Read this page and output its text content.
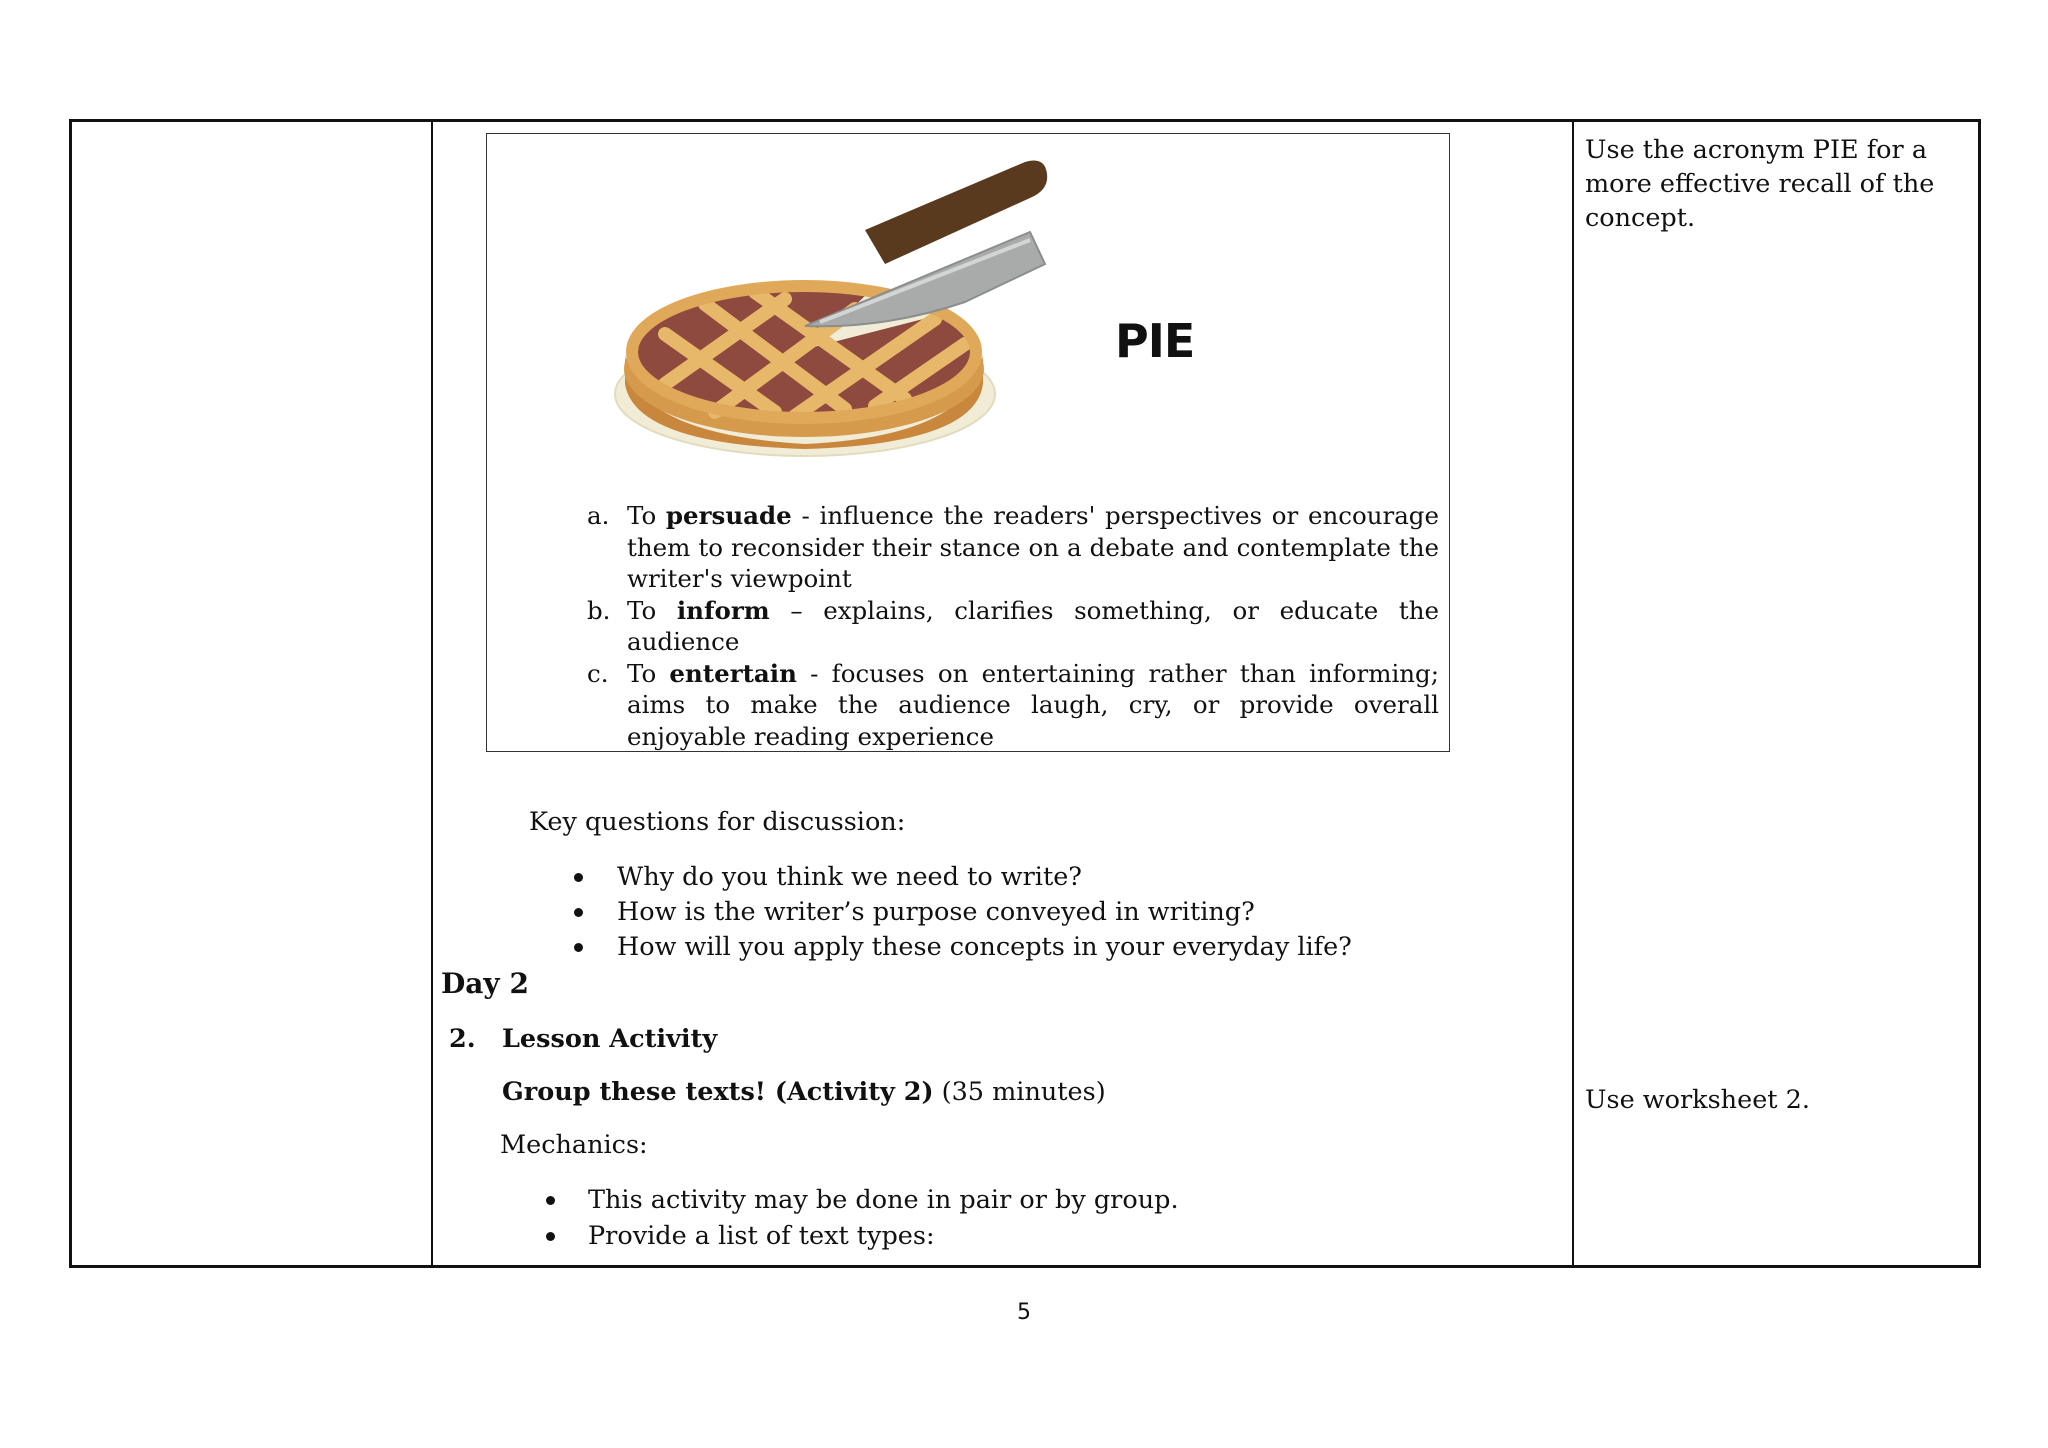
PIE
a. To persuade - influence the readers' perspectives or encourage them to reconsider their stance on a debate and contemplate the writer's viewpoint
b. To inform – explains, clarifies something, or educate the audience
c. To entertain - focuses on entertaining rather than informing; aims to make the audience laugh, cry, or provide overall enjoyable reading experience
Key questions for discussion:
Why do you think we need to write?
How is the writer’s purpose conveyed in writing?
How will you apply these concepts in your everyday life?
Day 2
2. Lesson Activity
Group these texts! (Activity 2) (35 minutes)
Mechanics:
This activity may be done in pair or by group.
Provide a list of text types:
Use the acronym PIE for a more effective recall of the concept.
Use worksheet 2.
5
